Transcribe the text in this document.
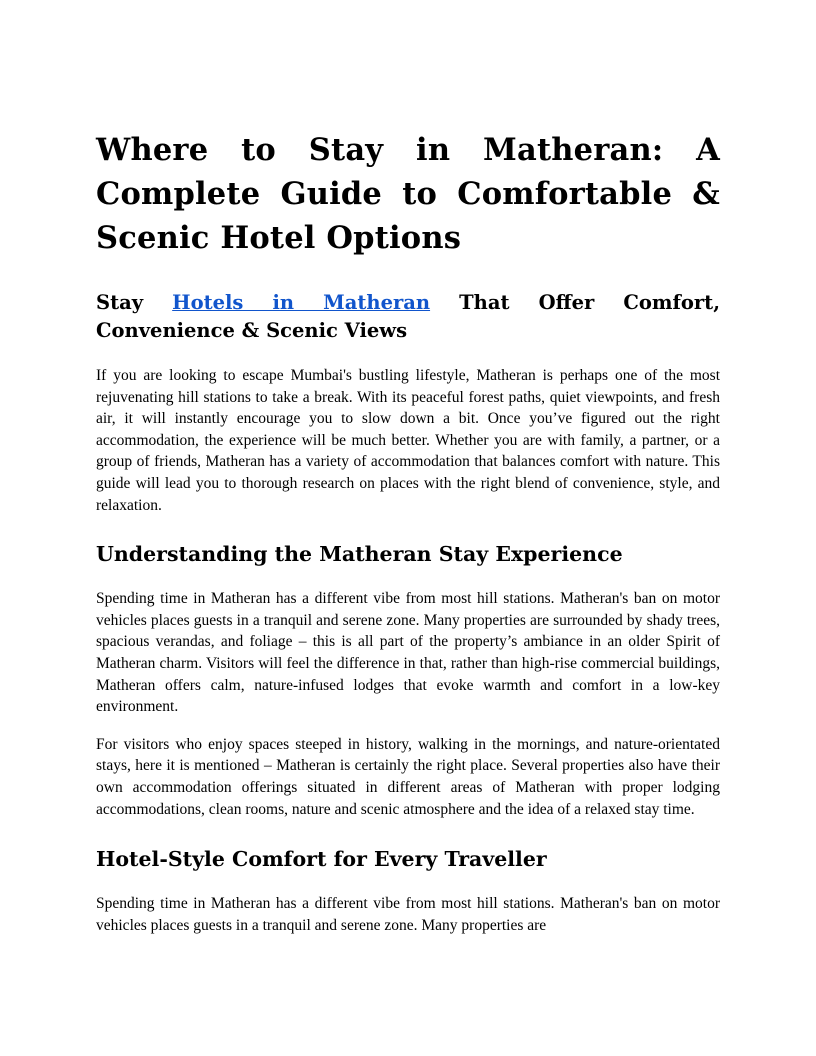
Where to Stay in Matheran: A Complete Guide to Comfortable & Scenic Hotel Options
Stay Hotels in Matheran That Offer Comfort, Convenience & Scenic Views

If you are looking to escape Mumbai's bustling lifestyle, Matheran is perhaps one of the most rejuvenating hill stations to take a break. With its peaceful forest paths, quiet viewpoints, and fresh air, it will instantly encourage you to slow down a bit. Once you’ve figured out the right accommodation, the experience will be much better. Whether you are with family, a partner, or a group of friends, Matheran has a variety of accommodation that balances comfort with nature. This guide will lead you to thorough research on places with the right blend of convenience, style, and relaxation.

Understanding the Matheran Stay Experience

Spending time in Matheran has a different vibe from most hill stations. Matheran's ban on motor vehicles places guests in a tranquil and serene zone. Many properties are surrounded by shady trees, spacious verandas, and foliage – this is all part of the property’s ambiance in an older Spirit of Matheran charm. Visitors will feel the difference in that, rather than high-rise commercial buildings, Matheran offers calm, nature-infused lodges that evoke warmth and comfort in a low-key environment.

For visitors who enjoy spaces steeped in history, walking in the mornings, and nature-orientated stays, here it is mentioned – Matheran is certainly the right place. Several properties also have their own accommodation offerings situated in different areas of Matheran with proper lodging accommodations, clean rooms, nature and scenic atmosphere and the idea of a relaxed stay time.

Hotel-Style Comfort for Every Traveller

Spending time in Matheran has a different vibe from most hill stations. Matheran's ban on motor vehicles places guests in a tranquil and serene zone. Many properties are
